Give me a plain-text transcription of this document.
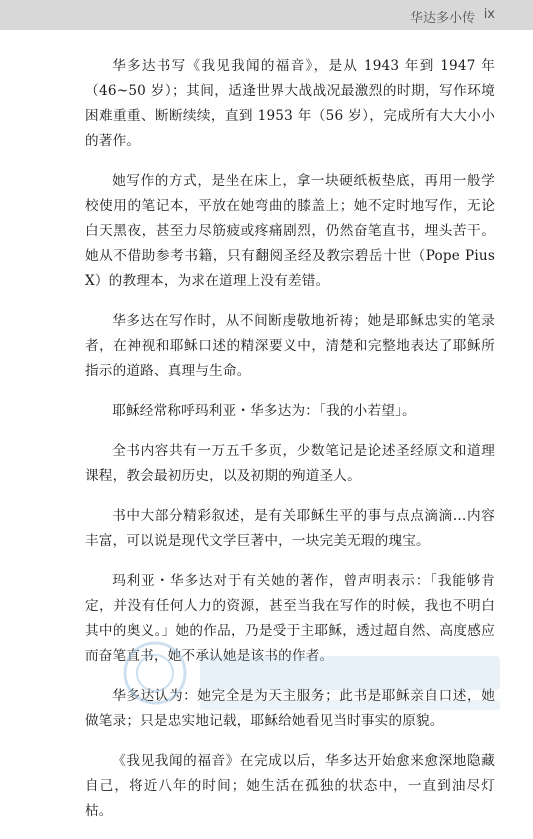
华达多小传 ix

华多达书写《我见我闻的福音》，是从 1943 年到 1947 年（46~50 岁）；其间，适逢世界大战战况最激烈的时期，写作环境困难重重、断断续续，直到 1953 年（56 岁），完成所有大大小小的著作。

她写作的方式，是坐在床上，拿一块硬纸板垫底，再用一般学校使用的笔记本，平放在她弯曲的膝盖上；她不定时地写作，无论白天黑夜，甚至力尽筋疲或疼痛剧烈，仍然奋笔直书，埋头苦干。她从不借助参考书籍，只有翻阅圣经及教宗碧岳十世（Pope Pius X）的教理本，为求在道理上没有差错。

华多达在写作时，从不间断虔敬地祈祷；她是耶稣忠实的笔录者，在神视和耶稣口述的精深要义中，清楚和完整地表达了耶稣所指示的道路、真理与生命。

耶稣经常称呼玛利亚・华多达为：「我的小若望」。

全书内容共有一万五千多页，少数笔记是论述圣经原文和道理课程，教会最初历史，以及初期的殉道圣人。

书中大部分精彩叙述，是有关耶稣生平的事与点点滴滴…内容丰富，可以说是现代文学巨著中，一块完美无瑕的瑰宝。

玛利亚・华多达对于有关她的著作，曾声明表示：「我能够肯定，并没有任何人力的资源，甚至当我在写作的时候，我也不明白其中的奥义。」她的作品，乃是受于主耶稣，透过超自然、高度感应而奋笔直书，她不承认她是该书的作者。

华多达认为：她完全是为天主服务；此书是耶稣亲自口述，她做笔录；只是忠实地记载，耶稣给她看见当时事实的原貌。

《我见我闻的福音》在完成以后，华多达开始愈来愈深地隐藏自己，将近八年的时间；她生活在孤独的状态中，一直到油尽灯枯。
